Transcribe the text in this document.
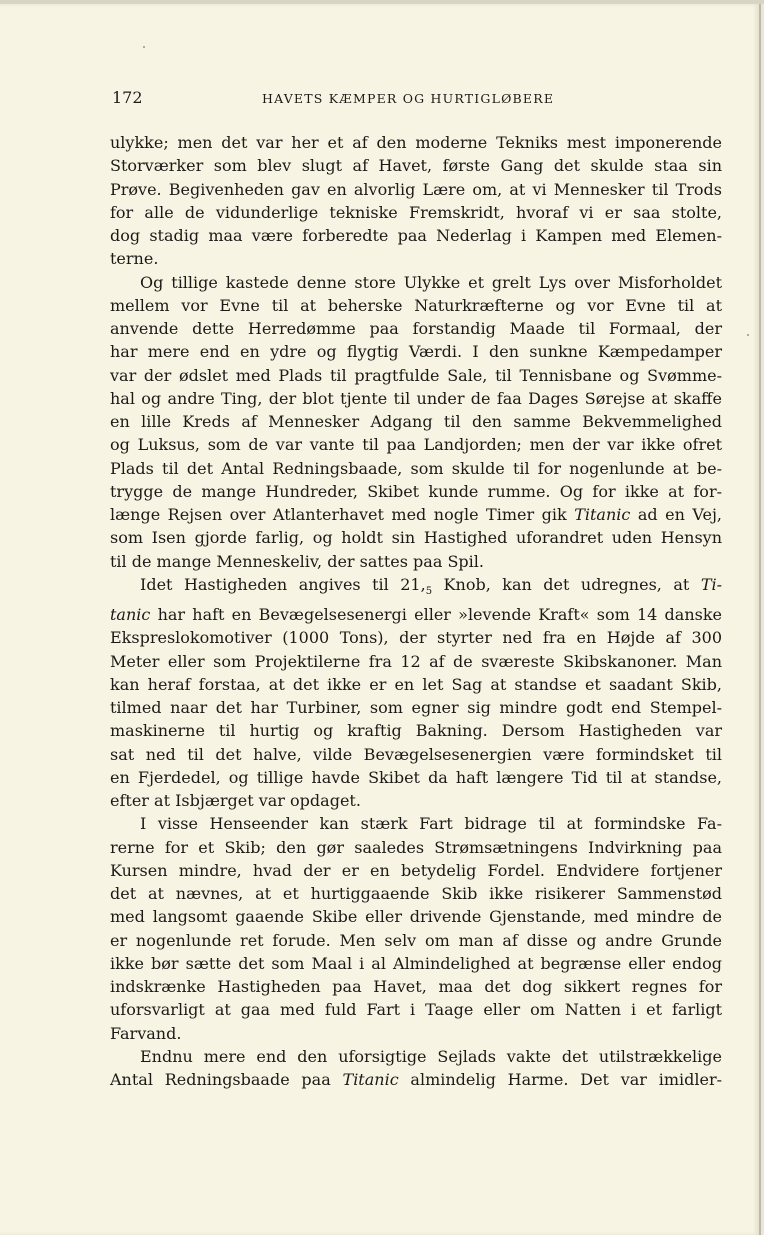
172	HAVETS KÆMPER OG HURTIGLØBERE
ulykke; men det var her et af den moderne Tekniks mest imponerende
Storværker som blev slugt af Havet, første Gang det skulde staa sin
Prøve. Begivenheden gav en alvorlig Lære om, at vi Mennesker til Trods
for alle de vidunderlige tekniske Fremskridt, hvoraf vi er saa stolte,
dog stadig maa være forberedte paa Nederlag i Kampen med Elemen-
terne.
Og tillige kastede denne store Ulykke et grelt Lys over Misforholdet
mellem vor Evne til at beherske Naturkræfterne og vor Evne til at
anvende dette Herredømme paa forstandig Maade til Formaal, der
har mere end en ydre og flygtig Værdi. I den sunkne Kæmpedamper
var der ødslet med Plads til pragtfulde Sale, til Tennisbane og Svømme-
hal og andre Ting, der blot tjente til under de faa Dages Sørejse at skaffe
en lille Kreds af Mennesker Adgang til den samme Bekvemmelighed
og Luksus, som de var vante til paa Landjorden; men der var ikke ofret
Plads til det Antal Redningsbaade, som skulde til for nogenlunde at be-
trygge de mange Hundreder, Skibet kunde rumme. Og for ikke at for-
længe Rejsen over Atlanterhavet med nogle Timer gik Titanic ad en Vej,
som Isen gjorde farlig, og holdt sin Hastighed uforandret uden Hensyn
til de mange Menneskeliv, der sattes paa Spil.
Idet Hastigheden angives til $21,_5$ Knob, kan det udregnes, at Ti-
tanic har haft en Bevægelsesenergi eller »levende Kraft« som 14 danske
Ekspreslokomotiver (1000 Tons), der styrter ned fra en Højde af 300
Meter eller som Projektilerne fra 12 af de sværeste Skibskanoner. Man
kan heraf forstaa, at det ikke er en let Sag at standse et saadant Skib,
tilmed naar det har Turbiner, som egner sig mindre godt end Stempel-
maskinerne til hurtig og kraftig Bakning. Dersom Hastigheden var
sat ned til det halve, vilde Bevægelsesenergien være formindsket til
en Fjerdedel, og tillige havde Skibet da haft længere Tid til at standse,
efter at Isbjærget var opdaget.
I visse Henseender kan stærk Fart bidrage til at formindske Fa-
rerne for et Skib; den gør saaledes Strømsætningens Indvirkning paa
Kursen mindre, hvad der er en betydelig Fordel. Endvidere fortjener
det at nævnes, at et hurtiggaaende Skib ikke risikerer Sammenstød
med langsomt gaaende Skibe eller drivende Gjenstande, med mindre de
er nogenlunde ret forude. Men selv om man af disse og andre Grunde
ikke bør sætte det som Maal i al Almindelighed at begrænse eller endog
indskrænke Hastigheden paa Havet, maa det dog sikkert regnes for
uforsvarligt at gaa med fuld Fart i Taage eller om Natten i et farligt
Farvand.
Endnu mere end den uforsigtige Sejlads vakte det utilstrækkelige
Antal Redningsbaade paa Titanic almindelig Harme. Det var imidler-
